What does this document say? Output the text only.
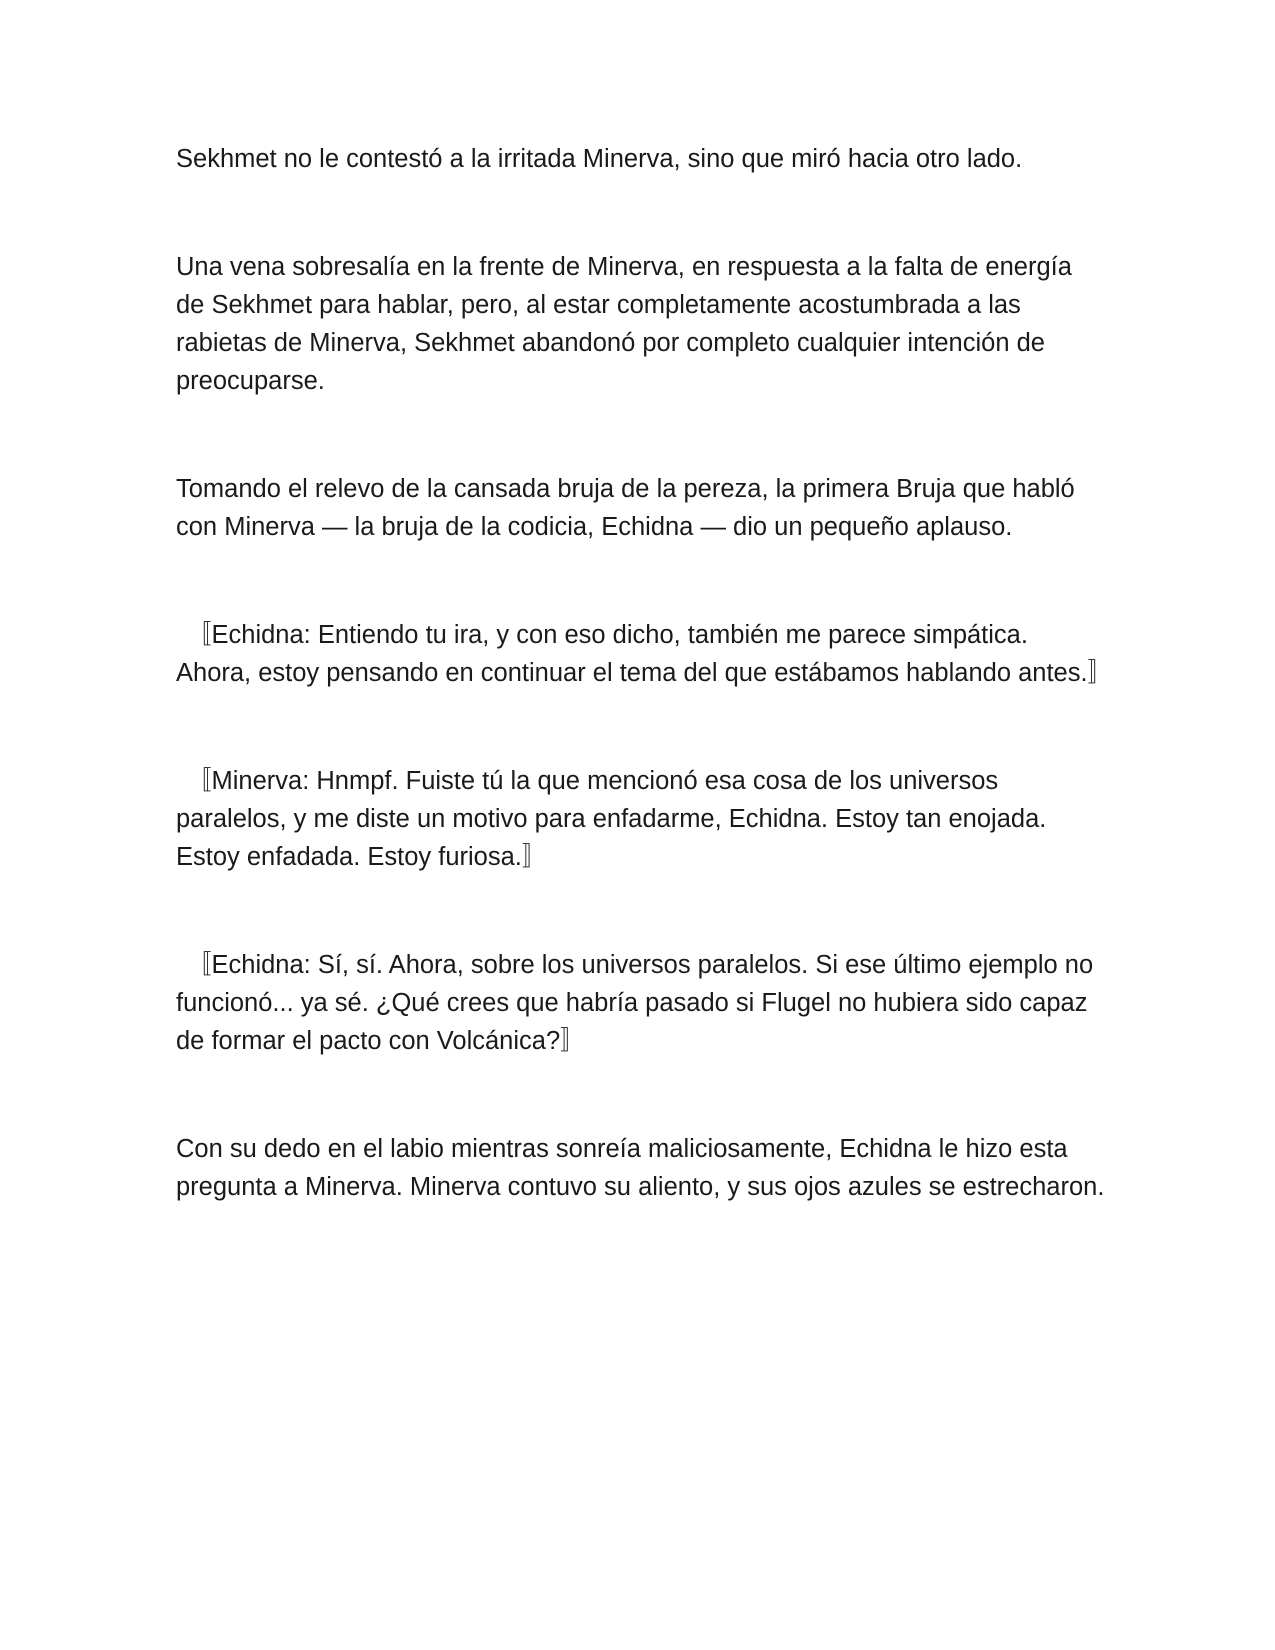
Sekhmet no le contestó a la irritada Minerva, sino que miró hacia otro lado.

Una vena sobresalía en la frente de Minerva, en respuesta a la falta de energía de Sekhmet para hablar, pero, al estar completamente acostumbrada a las rabietas de Minerva, Sekhmet abandonó por completo cualquier intención de preocuparse.

Tomando el relevo de la cansada bruja de la pereza, la primera Bruja que habló con Minerva — la bruja de la codicia, Echidna — dio un pequeño aplauso.

〚Echidna: Entiendo tu ira, y con eso dicho, también me parece simpática. Ahora, estoy pensando en continuar el tema del que estábamos hablando antes.〛

〚Minerva: Hnmpf. Fuiste tú la que mencionó esa cosa de los universos paralelos, y me diste un motivo para enfadarme, Echidna. Estoy tan enojada. Estoy enfadada. Estoy furiosa.〛

〚Echidna: Sí, sí. Ahora, sobre los universos paralelos. Si ese último ejemplo no funcionó... ya sé. ¿Qué crees que habría pasado si Flugel no hubiera sido capaz de formar el pacto con Volcánica?〛

Con su dedo en el labio mientras sonreía maliciosamente, Echidna le hizo esta pregunta a Minerva. Minerva contuvo su aliento, y sus ojos azules se estrecharon.
